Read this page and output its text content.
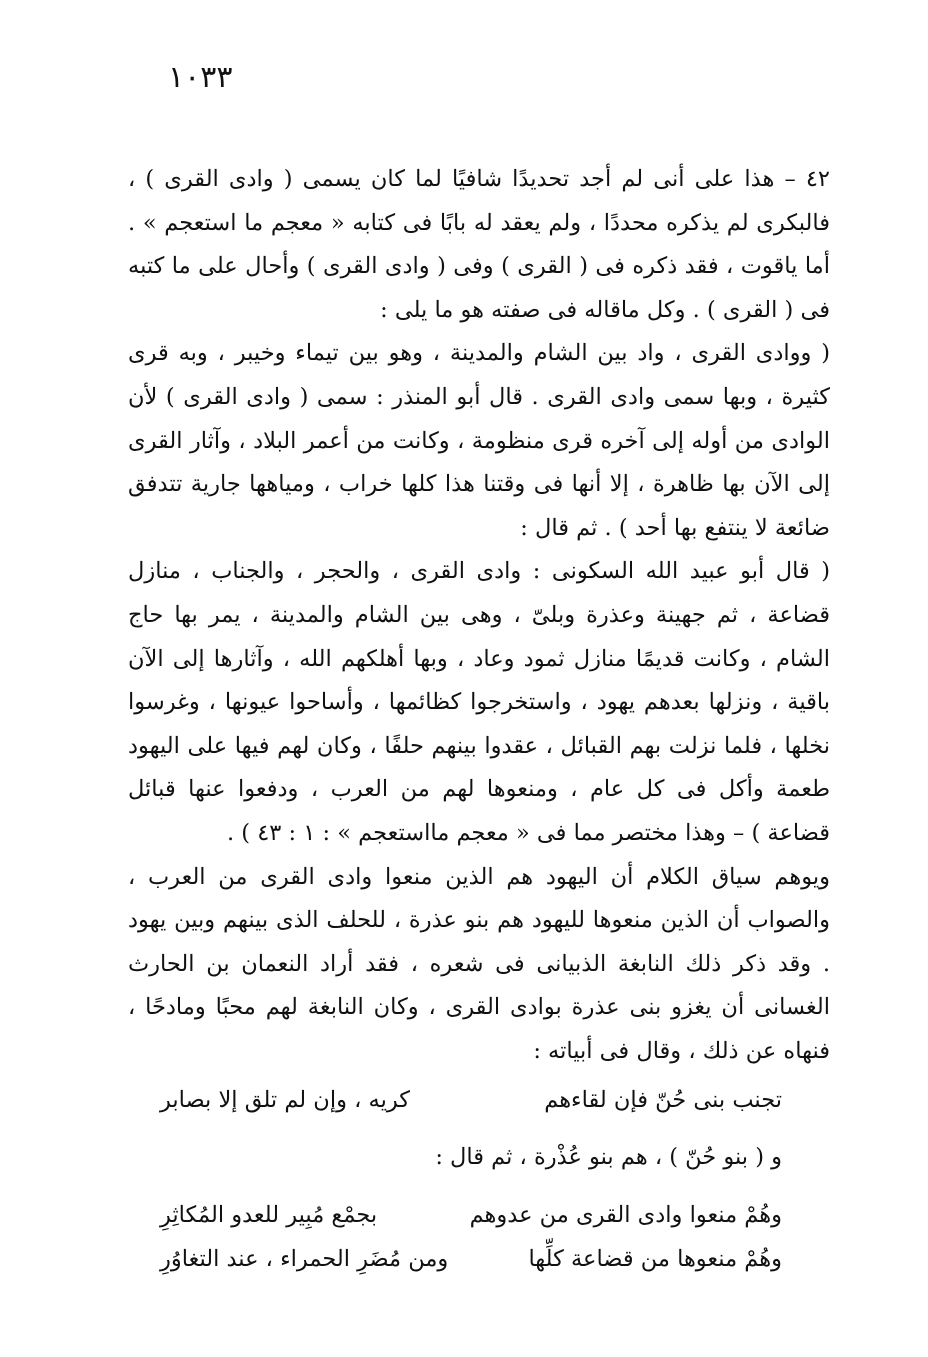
١٠٣٣

٤٢ – هذا على أنى لم أجد تحديدًا شافيًا لما كان يسمى ( وادى القرى ) ، فالبكرى لم يذكره محددًا ، ولم يعقد له بابًا فى كتابه « معجم ما استعجم » . أما ياقوت ، فقد ذكره فى ( القرى ) وفى ( وادى القرى ) وأحال على ما كتبه فى ( القرى ) . وكل ماقاله فى صفته هو ما يلى :

( ووادى القرى ، واد بين الشام والمدينة ، وهو بين تيماء وخيبر ، وبه قرى كثيرة ، وبها سمى وادى القرى . قال أبو المنذر : سمى ( وادى القرى ) لأن الوادى من أوله إلى آخره قرى منظومة ، وكانت من أعمر البلاد ، وآثار القرى إلى الآن بها ظاهرة ، إلا أنها فى وقتنا هذا كلها خراب ، ومياهها جارية تتدفق ضائعة لا ينتفع بها أحد ) . ثم قال :

( قال أبو عبيد الله السكونى : وادى القرى ، والحجر ، والجناب ، منازل قضاعة ، ثم جهينة وعذرة وبلىّ ، وهى بين الشام والمدينة ، يمر بها حاج الشام ، وكانت قديمًا منازل ثمود وعاد ، وبها أهلكهم الله ، وآثارها إلى الآن باقية ، ونزلها بعدهم يهود ، واستخرجوا كظائمها ، وأساحوا عيونها ، وغرسوا نخلها ، فلما نزلت بهم القبائل ، عقدوا بينهم حلفًا ، وكان لهم فيها على اليهود طعمة وأكل فى كل عام ، ومنعوها لهم من العرب ، ودفعوا عنها قبائل قضاعة ) – وهذا مختصر مما فى « معجم مااستعجم » : ١ : ٤٣ ) .

ويوهم سياق الكلام أن اليهود هم الذين منعوا وادى القرى من العرب ، والصواب أن الذين منعوها لليهود هم بنو عذرة ، للحلف الذى بينهم وبين يهود . وقد ذكر ذلك النابغة الذبيانى فى شعره ، فقد أراد النعمان بن الحارث الغسانى أن يغزو بنى عذرة بوادى القرى ، وكان النابغة لهم محبًا ومادحًا ، فنهاه عن ذلك ، وقال فى أبياته :

تجنب بنى حُنّ فإن لقاءهم
كريه ، وإن لم تلق إلا بصابر
و ( بنو حُنّ ) ، هم بنو عُذْرة ، ثم قال :
وهُمْ منعوا وادى القرى من عدوهم
بجمْع مُبِير للعدو المُكاثِرِ
وهُمْ منعوها من قضاعة كلِّها
ومن مُضَرِ الحمراء ، عند التغاوُرِ
